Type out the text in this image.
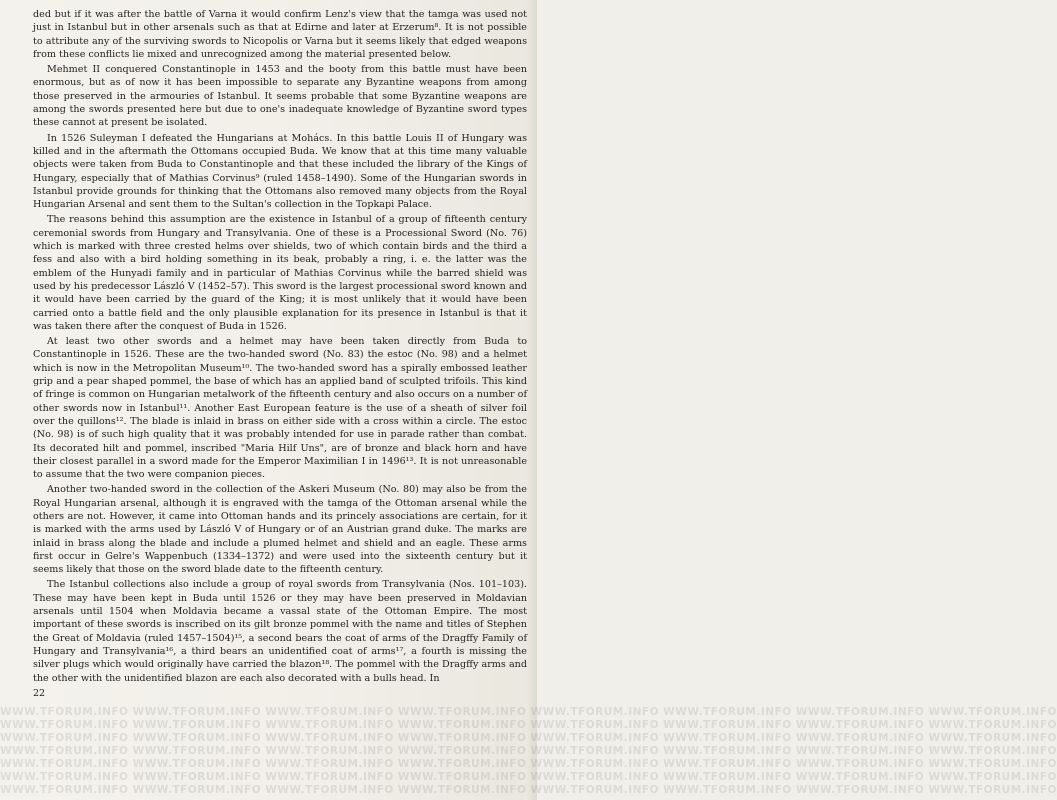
ded but if it was after the battle of Varna it would confirm Lenz's view that the tamga was used not just in Istanbul but in other arsenals such as that at Edirne and later at Erzerum⁸. It is not possible to attribute any of the surviving swords to Nicopolis or Varna but it seems likely that edged weapons from these conflicts lie mixed and unrecognized among the material presented below.

Mehmet II conquered Constantinople in 1453 and the booty from this battle must have been enormous, but as of now it has been impossible to separate any Byzantine weapons from among those preserved in the armouries of Istanbul. It seems probable that some Byzantine weapons are among the swords presented here but due to one's inadequate knowledge of Byzantine sword types these cannot at present be isolated.

In 1526 Suleyman I defeated the Hungarians at Mohács. In this battle Louis II of Hungary was killed and in the aftermath the Ottomans occupied Buda. We know that at this time many valuable objects were taken from Buda to Constantinople and that these included the library of the Kings of Hungary, especially that of Mathias Corvinus⁹ (ruled 1458–1490). Some of the Hungarian swords in Istanbul provide grounds for thinking that the Ottomans also removed many objects from the Royal Hungarian Arsenal and sent them to the Sultan's collection in the Topkapi Palace.

The reasons behind this assumption are the existence in Istanbul of a group of fifteenth century ceremonial swords from Hungary and Transylvania. One of these is a Processional Sword (No. 76) which is marked with three crested helms over shields, two of which contain birds and the third a fess and also with a bird holding something in its beak, probably a ring, i. e. the latter was the emblem of the Hunyadi family and in particular of Mathias Corvinus while the barred shield was used by his predecessor László V (1452–57). This sword is the largest processional sword known and it would have been carried by the guard of the King; it is most unlikely that it would have been carried onto a battle field and the only plausible explanation for its presence in Istanbul is that it was taken there after the conquest of Buda in 1526.

At least two other swords and a helmet may have been taken directly from Buda to Constantinople in 1526. These are the two-handed sword (No. 83) the estoc (No. 98) and a helmet which is now in the Metropolitan Museum¹⁰. The two-handed sword has a spirally embossed leather grip and a pear shaped pommel, the base of which has an applied band of sculpted trifoils. This kind of fringe is common on Hungarian metalwork of the fifteenth century and also occurs on a number of other swords now in Istanbul¹¹. Another East European feature is the use of a sheath of silver foil over the quillons¹². The blade is inlaid in brass on either side with a cross within a circle. The estoc (No. 98) is of such high quality that it was probably intended for use in parade rather than combat. Its decorated hilt and pommel, inscribed "Maria Hilf Uns", are of bronze and black horn and have their closest parallel in a sword made for the Emperor Maximilian I in 1496¹³. It is not unreasonable to assume that the two were companion pieces.

Another two-handed sword in the collection of the Askeri Museum (No. 80) may also be from the Royal Hungarian arsenal, although it is engraved with the tamga of the Ottoman arsenal while the others are not. However, it came into Ottoman hands and its princely associations are certain, for it is marked with the arms used by László V of Hungary or of an Austrian grand duke. The marks are inlaid in brass along the blade and include a plumed helmet and shield and an eagle. These arms first occur in Gelre's Wappenbuch (1334–1372) and were used into the sixteenth century but it seems likely that those on the sword blade date to the fifteenth century.

The Istanbul collections also include a group of royal swords from Transylvania (Nos. 101–103). These may have been kept in Buda until 1526 or they may have been preserved in Moldavian arsenals until 1504 when Moldavia became a vassal state of the Ottoman Empire. The most important of these swords is inscribed on its gilt bronze pommel with the name and titles of Stephen the Great of Moldavia (ruled 1457–1504)¹⁵, a second bears the coat of arms of the Dragffy Family of Hungary and Transylvania¹⁶, a third bears an unidentified coat of arms¹⁷, a fourth is missing the silver plugs which would originally have carried the blazon¹⁸. The pommel with the Dragffy arms and the other with the unidentified blazon are each also decorated with a bulls head. In

22
WWW.TFORUM.INFO WWW.TFORUM.INFO WWW.TFORUM.INFO WWW.TFORUM.INFO WWW.TFORUM.INFO WWW.TFORUM.INFO WWW.TFORUM.INFO WWW.TFORUM.INFO
WWW.TFORUM.INFO WWW.TFORUM.INFO WWW.TFORUM.INFO WWW.TFORUM.INFO WWW.TFORUM.INFO WWW.TFORUM.INFO WWW.TFORUM.INFO WWW.TFORUM.INFO
WWW.TFORUM.INFO WWW.TFORUM.INFO WWW.TFORUM.INFO WWW.TFORUM.INFO WWW.TFORUM.INFO WWW.TFORUM.INFO WWW.TFORUM.INFO WWW.TFORUM.INFO
WWW.TFORUM.INFO WWW.TFORUM.INFO WWW.TFORUM.INFO WWW.TFORUM.INFO WWW.TFORUM.INFO WWW.TFORUM.INFO WWW.TFORUM.INFO WWW.TFORUM.INFO
WWW.TFORUM.INFO WWW.TFORUM.INFO WWW.TFORUM.INFO WWW.TFORUM.INFO WWW.TFORUM.INFO WWW.TFORUM.INFO WWW.TFORUM.INFO WWW.TFORUM.INFO
WWW.TFORUM.INFO WWW.TFORUM.INFO WWW.TFORUM.INFO WWW.TFORUM.INFO WWW.TFORUM.INFO WWW.TFORUM.INFO WWW.TFORUM.INFO WWW.TFORUM.INFO
WWW.TFORUM.INFO WWW.TFORUM.INFO WWW.TFORUM.INFO WWW.TFORUM.INFO WWW.TFORUM.INFO WWW.TFORUM.INFO WWW.TFORUM.INFO WWW.TFORUM.INFO
